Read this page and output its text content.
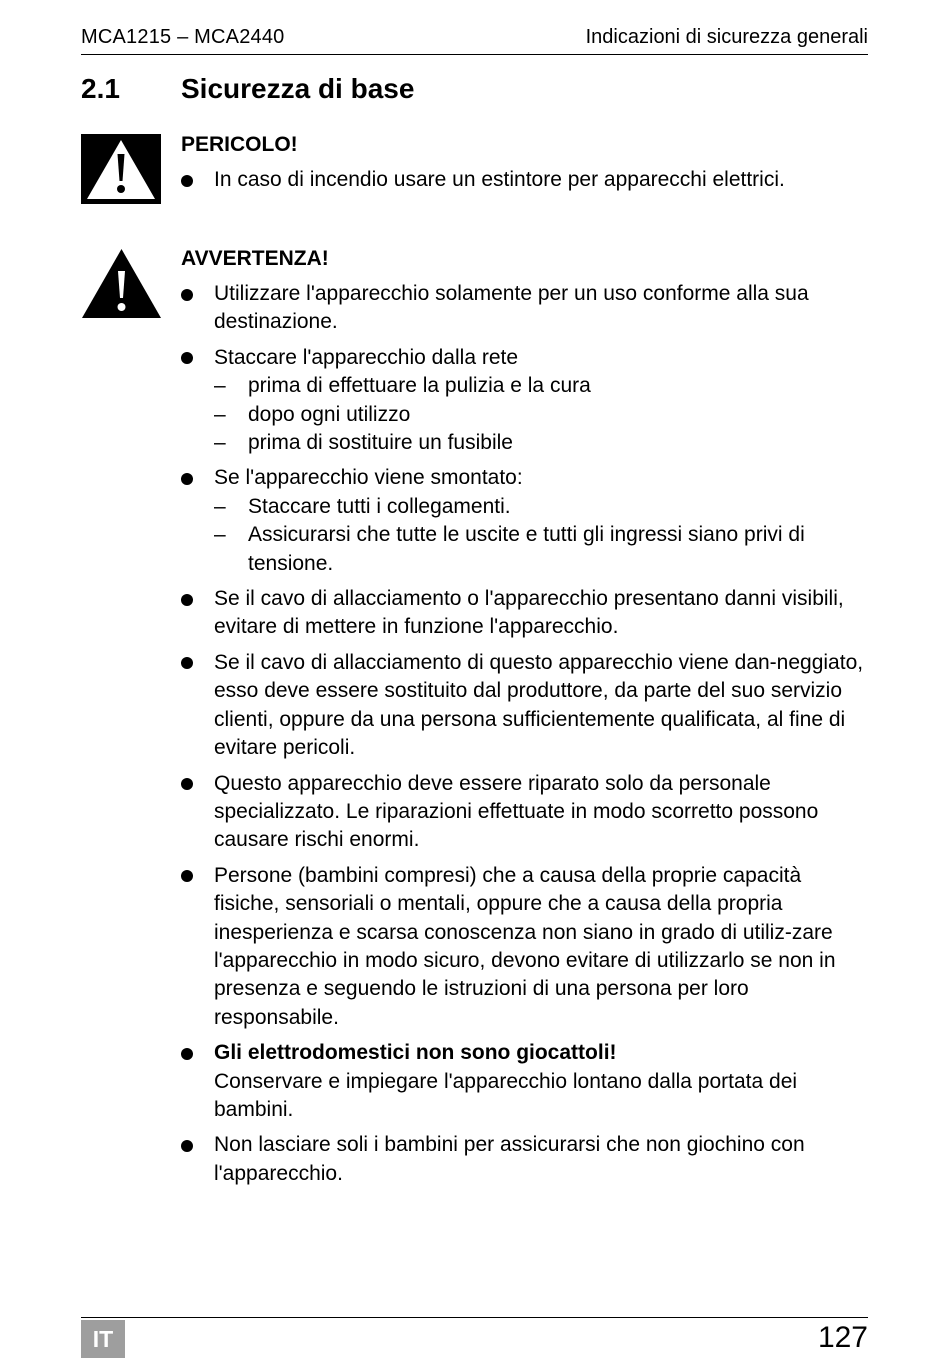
MCA1215 – MCA2440	Indicazioni di sicurezza generali
2.1 Sicurezza di base
PERICOLO!
In caso di incendio usare un estintore per apparecchi elettrici.
AVVERTENZA!
Utilizzare l'apparecchio solamente per un uso conforme alla sua destinazione.
Staccare l'apparecchio dalla rete
– prima di effettuare la pulizia e la cura
– dopo ogni utilizzo
– prima di sostituire un fusibile
Se l'apparecchio viene smontato:
– Staccare tutti i collegamenti.
– Assicurarsi che tutte le uscite e tutti gli ingressi siano privi di tensione.
Se il cavo di allacciamento o l'apparecchio presentano danni visibili, evitare di mettere in funzione l'apparecchio.
Se il cavo di allacciamento di questo apparecchio viene dan-neggiato, esso deve essere sostituito dal produttore, da parte del suo servizio clienti, oppure da una persona sufficientemente qualificata, al fine di evitare pericoli.
Questo apparecchio deve essere riparato solo da personale specializzato. Le riparazioni effettuate in modo scorretto possono causare rischi enormi.
Persone (bambini compresi) che a causa della proprie capacità fisiche, sensoriali o mentali, oppure che a causa della propria inesperienza e scarsa conoscenza non siano in grado di utiliz-zare l'apparecchio in modo sicuro, devono evitare di utilizzarlo se non in presenza e seguendo le istruzioni di una persona per loro responsabile.
Gli elettrodomestici non sono giocattoli!
Conservare e impiegare l'apparecchio lontano dalla portata dei bambini.
Non lasciare soli i bambini per assicurarsi che non giochino con l'apparecchio.
IT	127
